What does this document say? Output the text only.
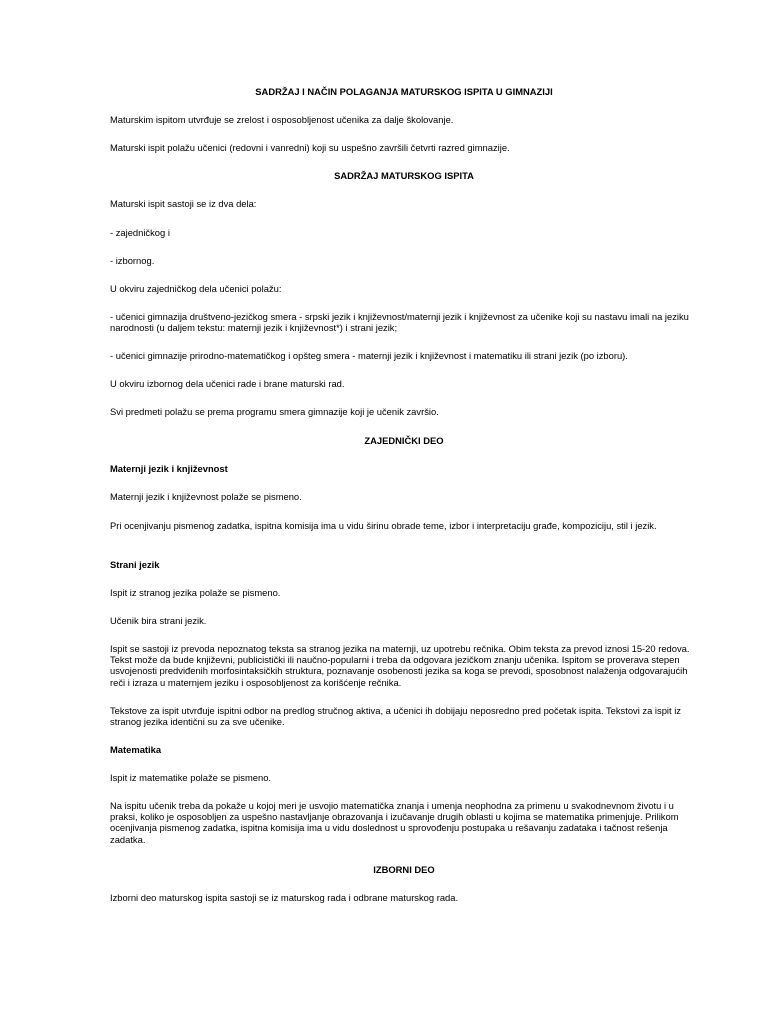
SADRŽAJ I NAČIN POLAGANJA MATURSKOG ISPITA U GIMNAZIJI

Maturskim ispitom utvrđuje se zrelost i osposobljenost učenika za dalje školovanje.

Maturski ispit polažu učenici (redovni i vanredni) koji su uspešno završili četvrti razred gimnazije.

SADRŽAJ MATURSKOG ISPITA

Maturski ispit sastoji se iz dva dela:

- zajedničkog i

- izbornog.

U okviru zajedničkog dela učenici polažu:

- učenici gimnazija društveno-jezičkog smera - srpski jezik i književnost/maternji jezik i književnost za učenike koji su nastavu imali na jeziku narodnosti (u daljem tekstu: maternji jezik i književnost*) i strani jezik;

- učenici gimnazije prirodno-matematičkog i opšteg smera - maternji jezik i književnost i matematiku ili strani jezik (po izboru).

U okviru izbornog dela učenici rade i brane maturski rad.

Svi predmeti polažu se prema programu smera gimnazije koji je učenik završio.

ZAJEDNIČKI DEO

Maternji jezik i književnost

Maternji jezik i književnost polaže se pismeno.

Pri ocenjivanju pismenog zadatka, ispitna komisija ima u vidu širinu obrade teme, izbor i interpretaciju građe, kompoziciju, stil i jezik.

Strani jezik

Ispit iz stranog jezika polaže se pismeno.

Učenik bira strani jezik.

Ispit se sastoji iz prevoda nepoznatog teksta sa stranog jezika na maternji, uz upotrebu rečnika. Obim teksta za prevod iznosi 15-20 redova. Tekst može da bude književni, publicistički ili naučno-popularni i treba da odgovara jezičkom znanju učenika. Ispitom se proverava stepen usvojenosti predviđenih morfosintaksičkih struktura, poznavanje osobenosti jezika sa koga se prevodi, sposobnost nalaženja odgovarajućih reči i izraza u maternjem jeziku i osposobljenost za korišćenje rečnika.

Tekstove za ispit utvrđuje ispitni odbor na predlog stručnog aktiva, a učenici ih dobijaju neposredno pred početak ispita. Tekstovi za ispit iz stranog jezika identični su za sve učenike.

Matematika

Ispit iz matematike polaže se pismeno.

Na ispitu učenik treba da pokaže u kojoj meri je usvojio matematička znanja i umenja neophodna za primenu u svakodnevnom životu i u praksi, koliko je osposobljen za uspešno nastavljanje obrazovanja i izučavanje drugih oblasti u kojima se matematika primenjuje. Prilikom ocenjivanja pismenog zadatka, ispitna komisija ima u vidu doslednost u sprovođenju postupaka u rešavanju zadataka i tačnost rešenja zadatka.

IZBORNI DEO

Izborni deo maturskog ispita sastoji se iz maturskog rada i odbrane maturskog rada.
